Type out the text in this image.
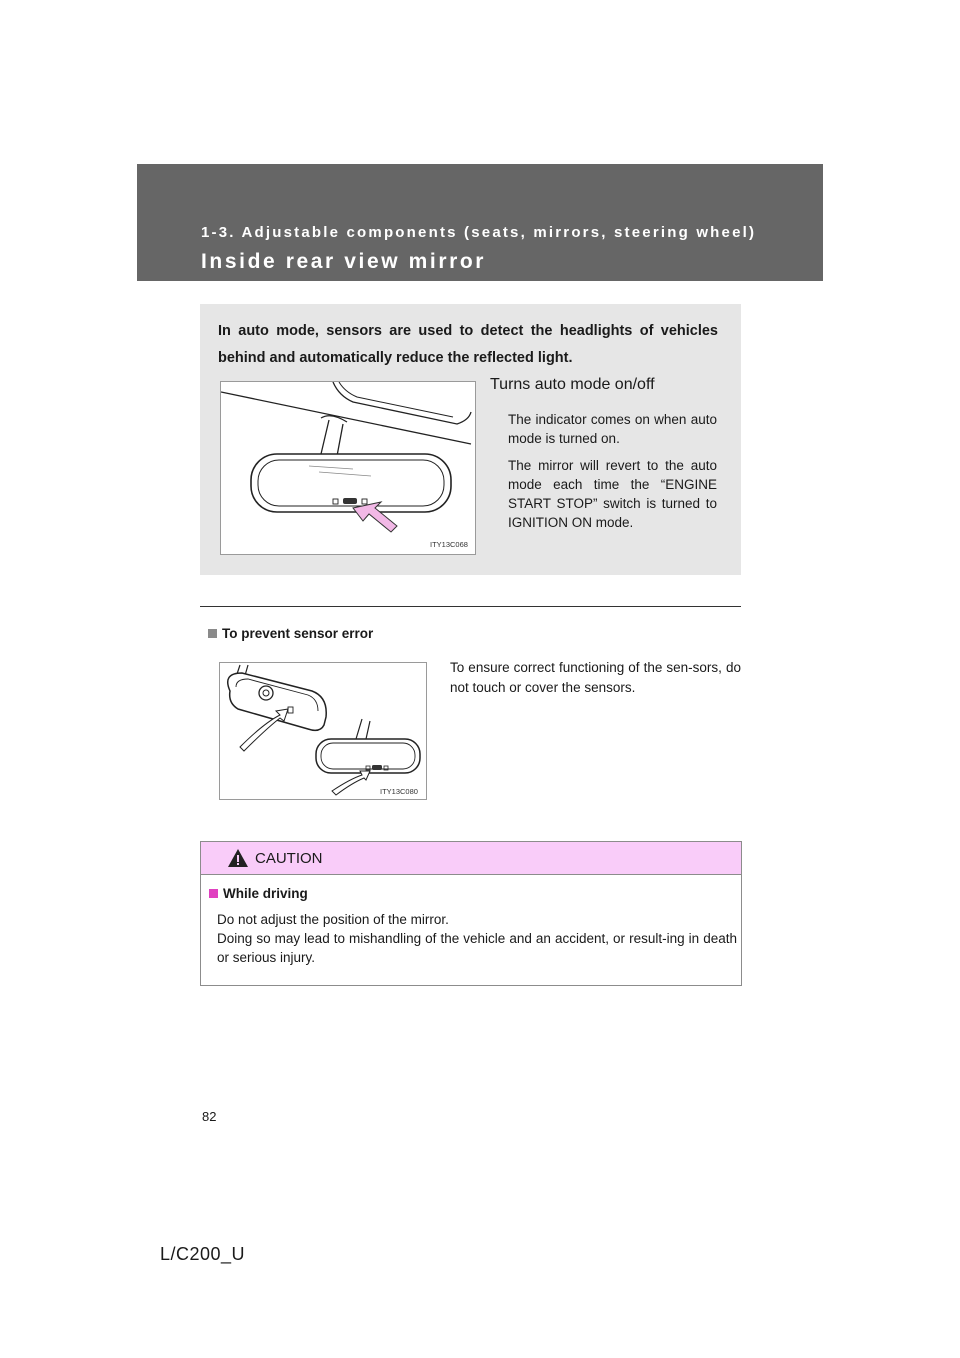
1-3. Adjustable components (seats, mirrors, steering wheel)
Inside rear view mirror
In auto mode, sensors are used to detect the headlights of vehicles behind and automatically reduce the reflected light.
ITY13C068
Turns auto mode on/off
The indicator comes on when auto mode is turned on.
The mirror will revert to the auto mode each time the “ENGINE START STOP” switch is turned to IGNITION ON mode.
To prevent sensor error
ITY13C080
To ensure correct functioning of the sen-sors, do not touch or cover the sensors.
CAUTION
While driving

Do not adjust the position of the mirror.

Doing so may lead to mishandling of the vehicle and an accident, or result-ing in death or serious injury.

82
L/C200_U
